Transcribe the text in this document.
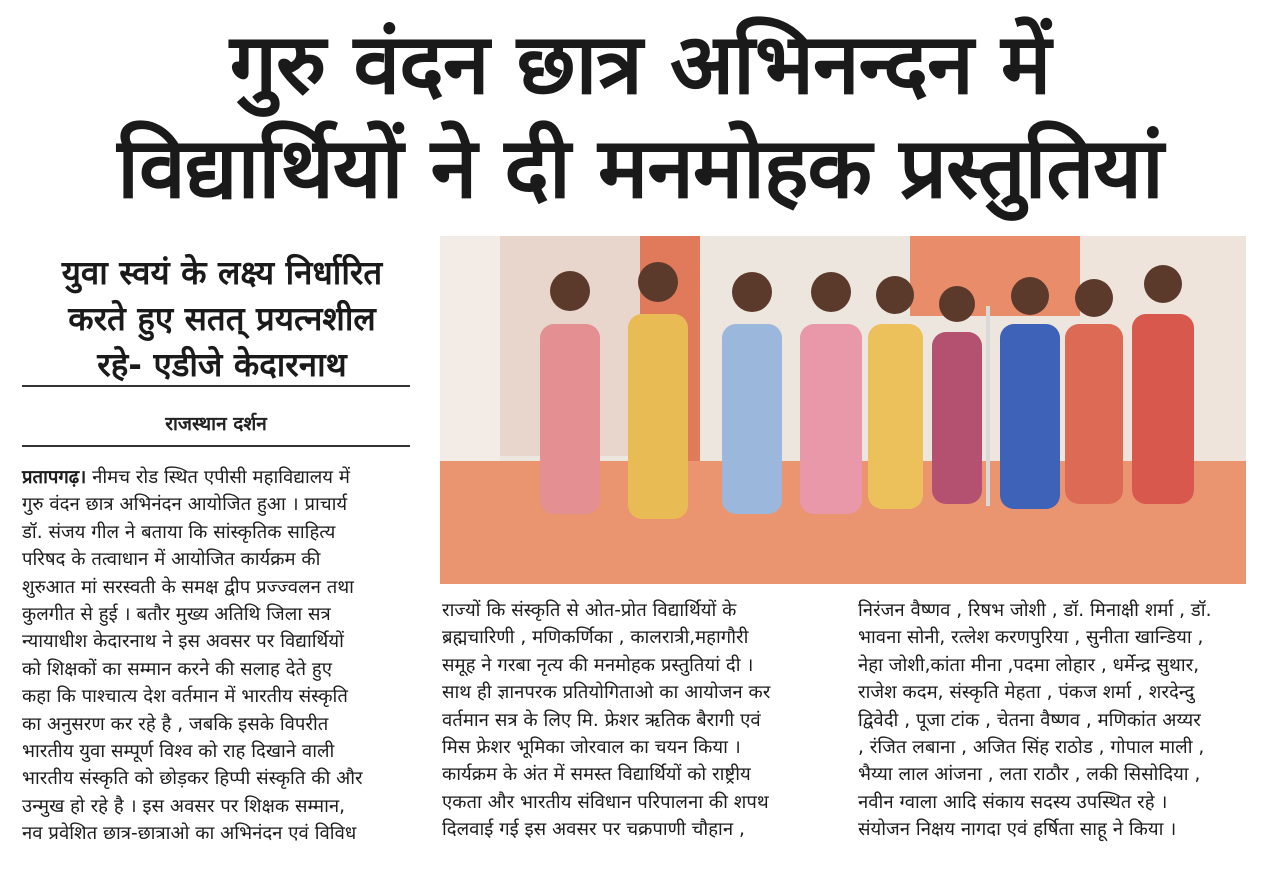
गुरु वंदन छात्र अभिनन्दन में
विद्यार्थियों ने दी मनमोहक प्रस्तुतियां
युवा स्वयं के लक्ष्य निर्धारित
करते हुए सतत् प्रयत्नशील
रहे- एडीजे केदारनाथ
राजस्थान दर्शन

प्रतापगढ़। नीमच रोड स्थित एपीसी महाविद्यालय में

गुरु वंदन छात्र अभिनंदन आयोजित हुआ । प्राचार्य

डॉ. संजय गील ने बताया कि सांस्कृतिक साहित्य

परिषद के तत्वाधान में आयोजित कार्यक्रम की

शुरुआत मां सरस्वती के समक्ष द्वीप प्रज्ज्वलन तथा

कुलगीत से हुई । बतौर मुख्य अतिथि जिला सत्र

न्यायाधीश केदारनाथ ने इस अवसर पर विद्यार्थियों

को शिक्षकों का सम्मान करने की सलाह देते हुए

कहा कि पाश्चात्य देश वर्तमान में भारतीय संस्कृति

का अनुसरण कर रहे है , जबकि इसके विपरीत

भारतीय युवा सम्पूर्ण विश्व को राह दिखाने वाली

भारतीय संस्कृति को छोड़कर हिप्पी संस्कृति की और

उन्मुख हो रहे है । इस अवसर पर शिक्षक सम्मान,

नव प्रवेशित छात्र-छात्राओ का अभिनंदन एवं विविध

राज्यों कि संस्कृति से ओत-प्रोत विद्यार्थियों के

ब्रह्मचारिणी , मणिकर्णिका , कालरात्री,महागौरी

समूह ने गरबा नृत्य की मनमोहक प्रस्तुतियां दी ।

साथ ही ज्ञानपरक प्रतियोगिताओ का आयोजन कर

वर्तमान सत्र के लिए मि. फ्रेशर ऋतिक बैरागी एवं

मिस फ्रेशर भूमिका जोरवाल का चयन किया ।

कार्यक्रम के अंत में समस्त विद्यार्थियों को राष्ट्रीय

एकता और भारतीय संविधान परिपालना की शपथ

दिलवाई गई इस अवसर पर चक्रपाणी चौहान ,

निरंजन वैष्णव , रिषभ जोशी , डॉ. मिनाक्षी शर्मा , डॉ.

भावना सोनी, रत्लेश करणपुरिया , सुनीता खान्डिया ,

नेहा जोशी,कांता मीना ,पदमा लोहार , धर्मेन्द्र सुथार,

राजेश कदम, संस्कृति मेहता , पंकज शर्मा , शरदेन्दु

द्विवेदी , पूजा टांक , चेतना वैष्णव , मणिकांत अय्यर

, रंजित लबाना , अजित सिंह राठोड , गोपाल माली ,

भैय्या लाल आंजना , लता राठौर , लकी सिसोदिया ,

नवीन ग्वाला आदि संकाय सदस्य उपस्थित रहे ।

संयोजन निक्षय नागदा एवं हर्षिता साहू ने किया ।
